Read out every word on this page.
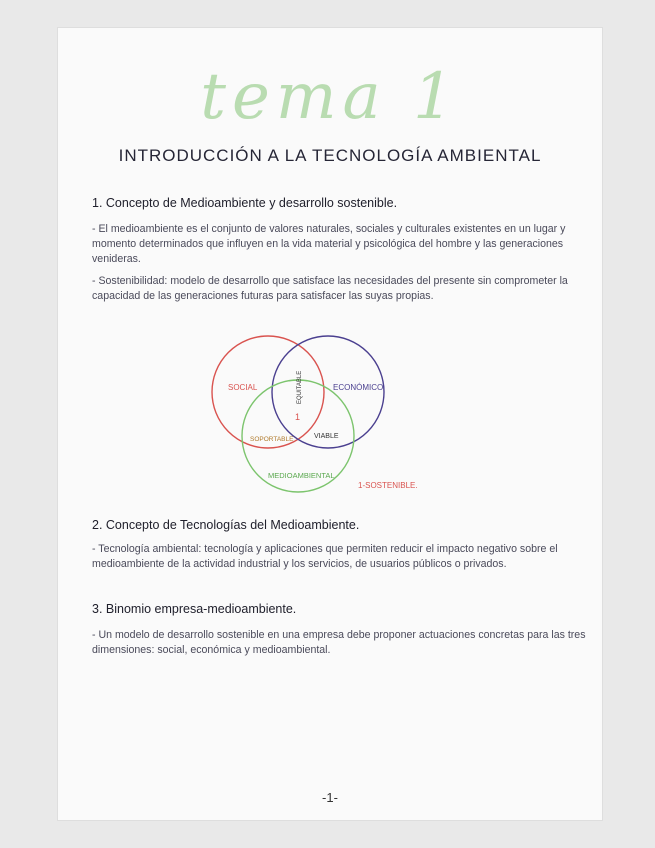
tema 1
INTRODUCCIÓN A LA TECNOLOGÍA AMBIENTAL
1. Concepto de Medioambiente y desarrollo sostenible.
- El medioambiente es el conjunto de valores naturales, sociales y culturales existentes en un lugar y momento determinados que influyen en la vida material y psicológica del hombre y las generaciones venideras.
- Sostenibilidad: modelo de desarrollo que satisface las necesidades del presente sin comprometer la capacidad de las generaciones futuras para satisfacer las suyas propias.
SOCIAL	ECONÓMICO
MEDIOAMBIENTAL
EQUITABLE
SOPORTABLE	VIABLE
1
1-SOSTENIBLE.
2. Concepto de Tecnologías del Medioambiente.
- Tecnología ambiental: tecnología y aplicaciones que permiten reducir el impacto negativo sobre el medioambiente de la actividad industrial y los servicios, de usuarios públicos o privados.
3. Binomio empresa-medioambiente.
- Un modelo de desarrollo sostenible en una empresa debe proponer actuaciones concretas para las tres dimensiones: social, económica y medioambiental.
-1-
